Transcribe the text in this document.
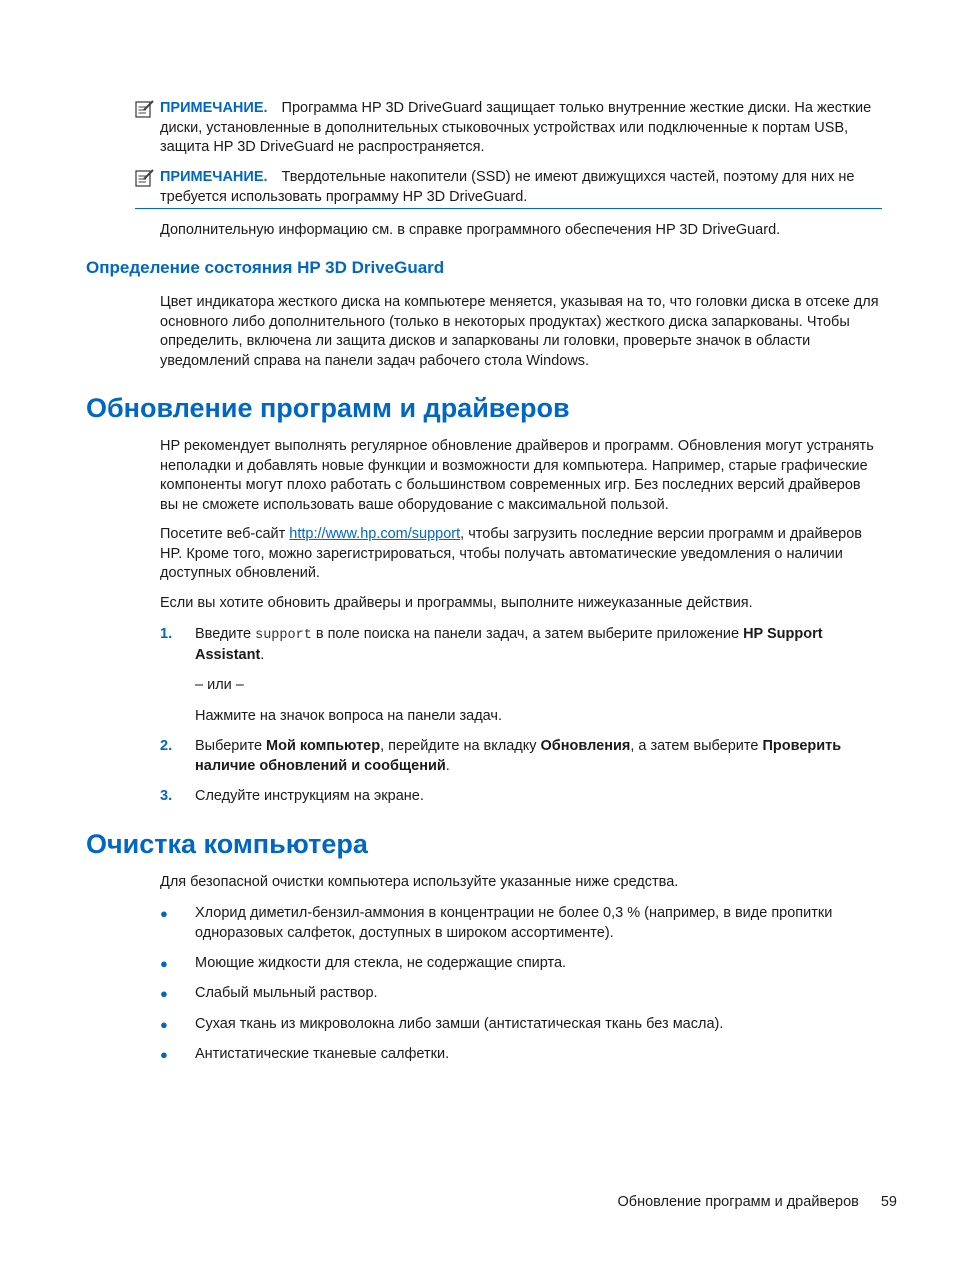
ПРИМЕЧАНИЕ. Программа HP 3D DriveGuard защищает только внутренние жесткие диски. На жесткие диски, установленные в дополнительных стыковочных устройствах или подключенные к портам USB, защита HP 3D DriveGuard не распространяется.
ПРИМЕЧАНИЕ. Твердотельные накопители (SSD) не имеют движущихся частей, поэтому для них не требуется использовать программу HP 3D DriveGuard.

Дополнительную информацию см. в справке программного обеспечения HP 3D DriveGuard.

Определение состояния HP 3D DriveGuard

Цвет индикатора жесткого диска на компьютере меняется, указывая на то, что головки диска в отсеке для основного либо дополнительного (только в некоторых продуктах) жесткого диска запаркованы. Чтобы определить, включена ли защита дисков и запаркованы ли головки, проверьте значок в области уведомлений справа на панели задач рабочего стола Windows.

Обновление программ и драйверов

HP рекомендует выполнять регулярное обновление драйверов и программ. Обновления могут устранять неполадки и добавлять новые функции и возможности для компьютера. Например, старые графические компоненты могут плохо работать с большинством современных игр. Без последних версий драйверов вы не сможете использовать ваше оборудование с максимальной пользой.

Посетите веб-сайт http://www.hp.com/support, чтобы загрузить последние версии программ и драйверов HP. Кроме того, можно зарегистрироваться, чтобы получать автоматические уведомления о наличии доступных обновлений.

Если вы хотите обновить драйверы и программы, выполните нижеуказанные действия.

1. Введите support в поле поиска на панели задач, а затем выберите приложение HP Support Assistant.
– или –
Нажмите на значок вопроса на панели задач.
2. Выберите Мой компьютер, перейдите на вкладку Обновления, а затем выберите Проверить наличие обновлений и сообщений.
3. Следуйте инструкциям на экране.
Очистка компьютера

Для безопасной очистки компьютера используйте указанные ниже средства.

● Хлорид диметил-бензил-аммония в концентрации не более 0,3 % (например, в виде пропитки одноразовых салфеток, доступных в широком ассортименте).
● Моющие жидкости для стекла, не содержащие спирта.
● Слабый мыльный раствор.
● Сухая ткань из микроволокна либо замши (антистатическая ткань без масла).
● Антистатические тканевые салфетки.
Обновление программ и драйверов 59
